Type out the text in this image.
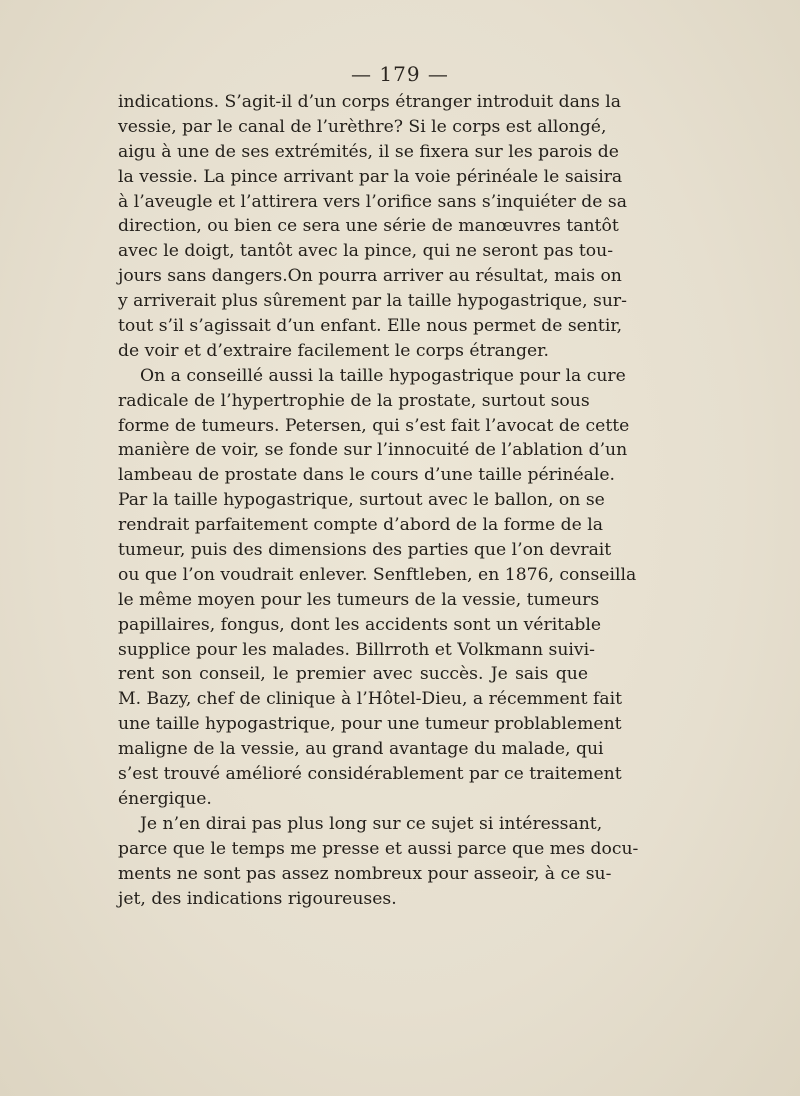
— 179 —
indications. S’agit-il d’un corps étranger introduit dans la
vessie, par le canal de l’urèthre? Si le corps est allongé,
aigu à une de ses extrémités, il se fixera sur les parois de
la vessie. La pince arrivant par la voie périnéale le saisira
à l’aveugle et l’attirera vers l’orifice sans s’inquiéter de sa
direction, ou bien ce sera une série de manœuvres tantôt
avec le doigt, tantôt avec la pince, qui ne seront pas tou-
jours sans dangers.On pourra arriver au résultat, mais on
y arriverait plus sûrement par la taille hypogastrique, sur-
tout s’il s’agissait d’un enfant. Elle nous permet de sentir,
de voir et d’extraire facilement le corps étranger.
On a conseillé aussi la taille hypogastrique pour la cure
radicale de l’hypertrophie de la prostate, surtout sous
forme de tumeurs. Petersen, qui s’est fait l’avocat de cette
manière de voir, se fonde sur l’innocuité de l’ablation d’un
lambeau de prostate dans le cours d’une taille périnéale.
Par la taille hypogastrique, surtout avec le ballon, on se
rendrait parfaitement compte d’abord de la forme de la
tumeur, puis des dimensions des parties que l’on devrait
ou que l’on voudrait enlever. Senftleben, en 1876, conseilla
le même moyen pour les tumeurs de la vessie, tumeurs
papillaires, fongus, dont les accidents sont un véritable
supplice pour les malades. Billrroth et Volkmann suivi-
rent son conseil, le premier avec succès. Je sais que
M. Bazy, chef de clinique à l’Hôtel-Dieu, a récemment fait
une taille hypogastrique, pour une tumeur problablement
maligne de la vessie, au grand avantage du malade, qui
s’est trouvé amélioré considérablement par ce traitement
énergique.
Je n’en dirai pas plus long sur ce sujet si intéressant,
parce que le temps me presse et aussi parce que mes docu-
ments ne sont pas assez nombreux pour asseoir, à ce su-
jet, des indications rigoureuses.
